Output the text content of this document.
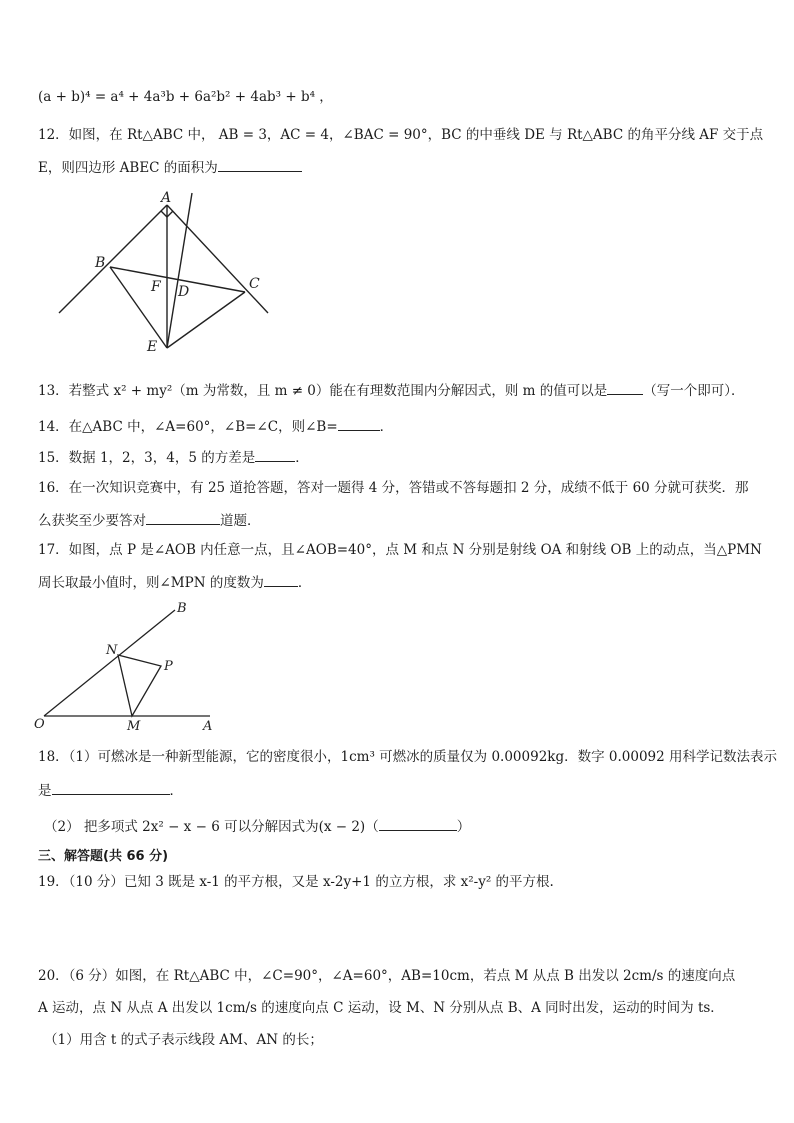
(a + b)⁴ = a⁴ + 4a³b + 6a²b² + 4ab³ + b⁴ ，
12．如图，在 Rt△ABC 中， AB = 3，AC = 4，∠BAC = 90°，BC 的中垂线 DE 与 Rt△ABC 的角平分线 AF 交于点
E，则四边形 ABEC 的面积为
A
B
C
D
E
F
13．若整式 x² + my²（m 为常数，且 m ≠ 0）能在有理数范围内分解因式，则 m 的值可以是	（写一个即可）．
14．在△ABC 中，∠A=60°，∠B=∠C，则∠B=	．
15．数据 1，2，3，4，5 的方差是	．
16．在一次知识竞赛中，有 25 道抢答题，答对一题得 4 分，答错或不答每题扣 2 分，成绩不低于 60 分就可获奖．那
么获奖至少要答对	道题．
17．如图，点 P 是∠AOB 内任意一点，且∠AOB=40°，点 M 和点 N 分别是射线 OA 和射线 OB 上的动点，当△PMN
周长取最小值时，则∠MPN 的度数为	．
O	A
B
M
N
P
18．（1）可燃冰是一种新型能源，它的密度很小，1cm³ 可燃冰的质量仅为 0.00092kg．数字 0.00092 用科学记数法表示
是	．
（2） 把多项式 2x² − x − 6 可以分解因式为(x − 2)（	）
三、解答题(共 66 分)
19．（10 分）已知 3 既是 x-1 的平方根，又是 x-2y+1 的立方根，求 x²-y² 的平方根.
20．（6 分）如图，在 Rt△ABC 中，∠C=90°，∠A=60°，AB=10cm，若点 M 从点 B 出发以 2cm/s 的速度向点
A 运动，点 N 从点 A 出发以 1cm/s 的速度向点 C 运动，设 M、N 分别从点 B、A 同时出发，运动的时间为 ts．
（1）用含 t 的式子表示线段 AM、AN 的长；
